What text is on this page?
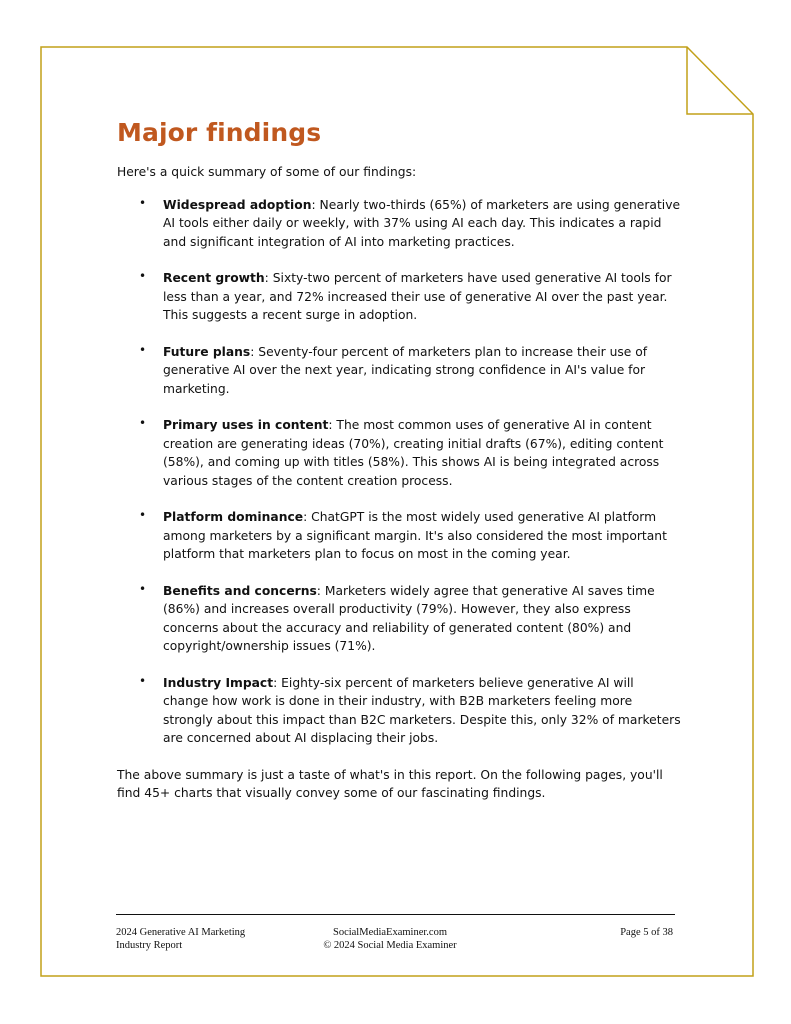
Major findings

Here's a quick summary of some of our findings:

• Widespread adoption: Nearly two-thirds (65%) of marketers are using generative AI tools either daily or weekly, with 37% using AI each day. This indicates a rapid and significant integration of AI into marketing practices.
• Recent growth: Sixty-two percent of marketers have used generative AI tools for less than a year, and 72% increased their use of generative AI over the past year. This suggests a recent surge in adoption.
• Future plans: Seventy-four percent of marketers plan to increase their use of generative AI over the next year, indicating strong confidence in AI's value for marketing.
• Primary uses in content: The most common uses of generative AI in content creation are generating ideas (70%), creating initial drafts (67%), editing content (58%), and coming up with titles (58%). This shows AI is being integrated across various stages of the content creation process.
• Platform dominance: ChatGPT is the most widely used generative AI platform among marketers by a significant margin. It's also considered the most important platform that marketers plan to focus on most in the coming year.
• Benefits and concerns: Marketers widely agree that generative AI saves time (86%) and increases overall productivity (79%). However, they also express concerns about the accuracy and reliability of generated content (80%) and copyright/ownership issues (71%).
• Industry Impact: Eighty-six percent of marketers believe generative AI will change how work is done in their industry, with B2B marketers feeling more strongly about this impact than B2C marketers. Despite this, only 32% of marketers are concerned about AI displacing their jobs.

The above summary is just a taste of what's in this report. On the following pages, you'll find 45+ charts that visually convey some of our fascinating findings.

2024 Generative AI Marketing
Industry Report
SocialMediaExaminer.com
© 2024 Social Media Examiner
Page 5 of 38
